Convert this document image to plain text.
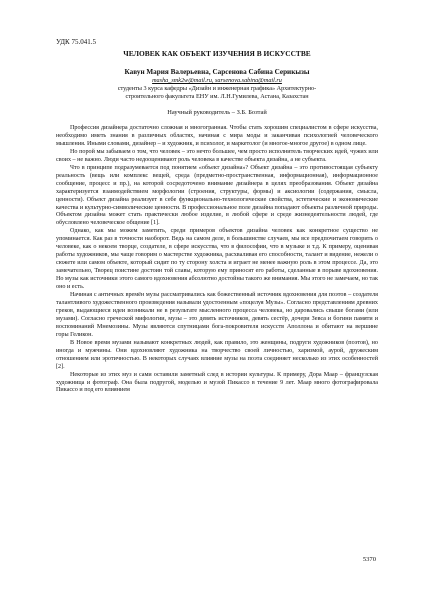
УДК 75.041.5
ЧЕЛОВЕК КАК ОБЪЕКТ ИЗУЧЕНИЯ В ИСКУССТВЕ
Кавун Мария Валерьевна, Сарсенова Сабина Серикызы
masha_smk2w@mail.ru, sarsenova.sabina@mail.ru
студенты 3 курса кафедры «Дизайн и инженерная графика» Архитектурно-
строительного факультета ЕНУ им. Л.Н.Гумилева, Астана, Казахстан
Научный руководитель – З.Б. Бозтай

Профессия дизайнера достаточно сложная и многогранная. Чтобы стать хорошим специалистом в сфере искусства, необходимо иметь знания в различных областях, начиная с мира моды и заканчивая психологией человеческого мышления. Иными словами, дизайнер – и художник, и психолог, и маркетолог (и многое-многое другое) в одном лице.

Но порой мы забываем о том, что человек – это нечто большее, чем просто исполнитель творческих идей, чужих или своих – не важно. Люди часто недооценивают роль человека в качестве объекта дизайна, а не субъекта.

Что в принципе подразумевается под понятием «объект дизайна»? Объект дизайна – это противостоящая субъекту реальность (вещь или комплекс вещей, среда (предметно-пространственная, информационная), информационное сообщение, процесс и пр.), на которой сосредоточено внимание дизайнера в целях преобразования. Объект дизайна характеризуется взаимодействием морфологии (строения, структуры, формы) и аксиологии (содержания, смысла, ценности). Объект дизайна реализует в себе функционально-технологические свойства, эстетические и экономические качества и культурно-символические ценности. В профессиональное поле дизайна попадают объекты различной природы. Объектом дизайна может стать практически любое изделие, в любой сфере и среде жизнедеятельности людей, где обусловлено человеческое общение [1].

Однако, как мы можем заметить, среди примеров объектов дизайна человек как конкретное существо не упоминается. Как раз в точности наоборот. Ведь на самом деле, в большинстве случаев, мы все предпочитаем говорить о человеке, как о некоем творце, создателе, в сфере искусства, что в философии, что в музыке и т.д. К примеру, оценивая работы художников, мы чаще говорим о мастерстве художника, расхваливая его способности, талант и видение, нежели о сюжете или самом объекте, который сидит по ту сторону холста и играет не менее важную роль в этом процессе. Да, это замечательно, Творец поистине достоин той славы, которую ему приносят его работы, сделанные в порыве вдохновения. Но музы как источники этого самого вдохновения абсолютно достойны такого же внимания. Мы этого не замечаем, но так оно и есть.

Начиная с античных времён музы рассматривались как божественный источник вдохновения для поэтов – создателя талантливого художественного произведения называли удостоенным «поцелуя Музы». Согласно представлениям древних греков, выдающиеся идеи возникали не в результате мысленного процесса человека, но даровались свыше богами (или музами). Согласно греческой мифологии, музы – это девять источников, девять сестёр, дочери Зевса и богини памяти и воспоминаний Мнемозины. Музы являются спутницами бога-покровителя искусств Аполлона и обитают на вершине горы Геликон.

В Новое время музами называют конкретных людей, как правило, это женщины, подруги художников (поэтов), но иногда и мужчины. Они вдохновляют художника на творчество своей личностью, харизмой, аурой, дружеским отношением или эротичностью. В некоторых случаях влияние музы на поэта соединяет несколько из этих особенностей [2].

Некоторые из этих муз и сами оставили заметный след в истории культуры. К примеру, Дора Маар – французская художница и фотограф. Она была подругой, моделью и музой Пикассо в течение 9 лет. Маар много фотографировала Пикассо и под его влиянием

5370
